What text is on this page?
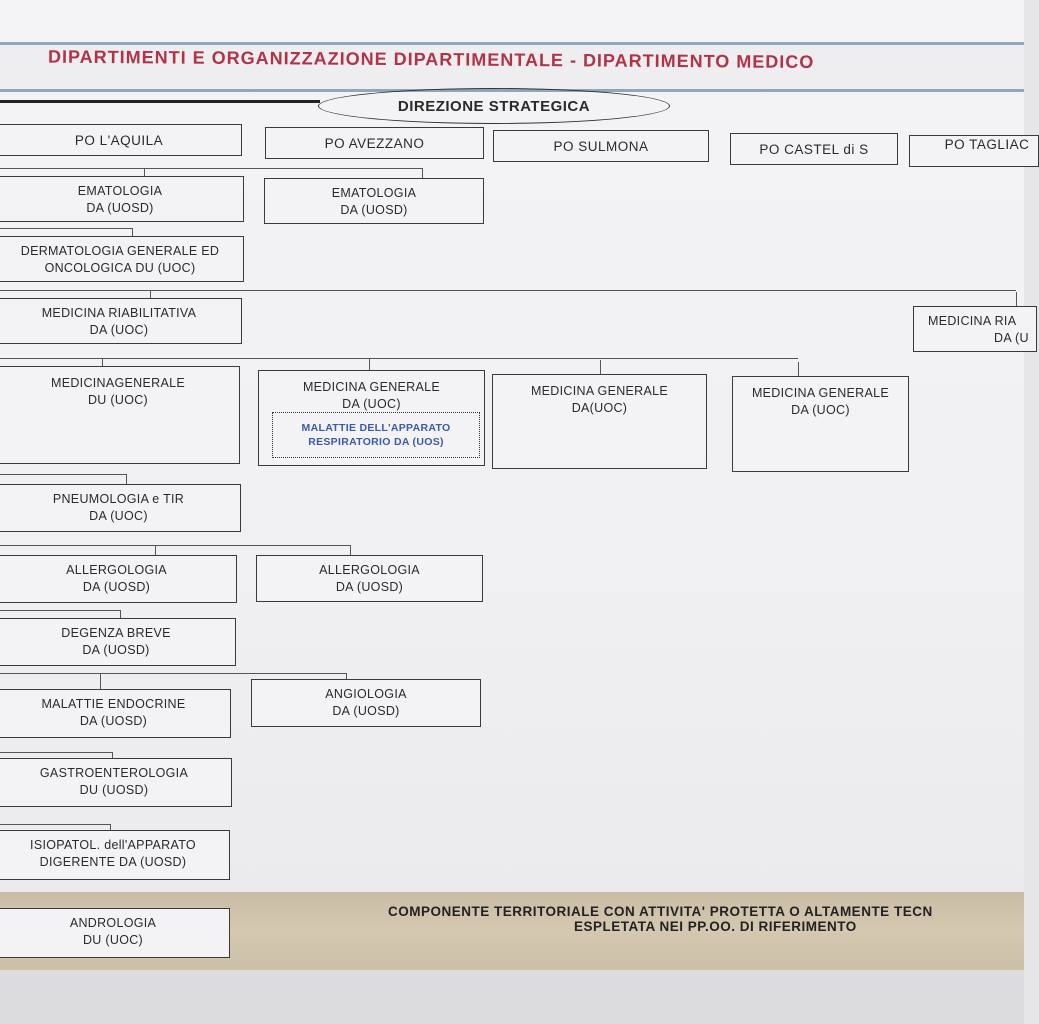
DIPARTIMENTI E ORGANIZZAZIONE DIPARTIMENTALE - DIPARTIMENTO MEDICO
DIREZIONE STRATEGICA
PO L'AQUILA	PO AVEZZANO	PO SULMONA	PO CASTEL di S	PO TAGLIAC
EMATOLOGIA
DA (UOSD)
EMATOLOGIA
DA (UOSD)
DERMATOLOGIA GENERALE ED
ONCOLOGICA DU (UOC)
MEDICINA RIABILITATIVA
DA (UOC)
MEDICINA RIA
DA (U
MEDICINAGENERALE
DU (UOC)
MEDICINA GENERALE
DA (UOC)
MALATTIE DELL'APPARATO
RESPIRATORIO DA (UOS)
MEDICINA GENERALE
DA(UOC)
MEDICINA GENERALE
DA (UOC)
PNEUMOLOGIA e TIR
DA (UOC)
ALLERGOLOGIA
DA (UOSD)
ALLERGOLOGIA
DA (UOSD)
DEGENZA BREVE
DA (UOSD)
MALATTIE ENDOCRINE
DA (UOSD)
ANGIOLOGIA
DA (UOSD)
GASTROENTEROLOGIA
DU (UOSD)
ISIOPATOL. dell'APPARATO
DIGERENTE DA (UOSD)
COMPONENTE TERRITORIALE CON ATTIVITA' PROTETTA O ALTAMENTE TECN
ESPLETATA NEI PP.OO. DI RIFERIMENTO
ANDROLOGIA
DU (UOC)
